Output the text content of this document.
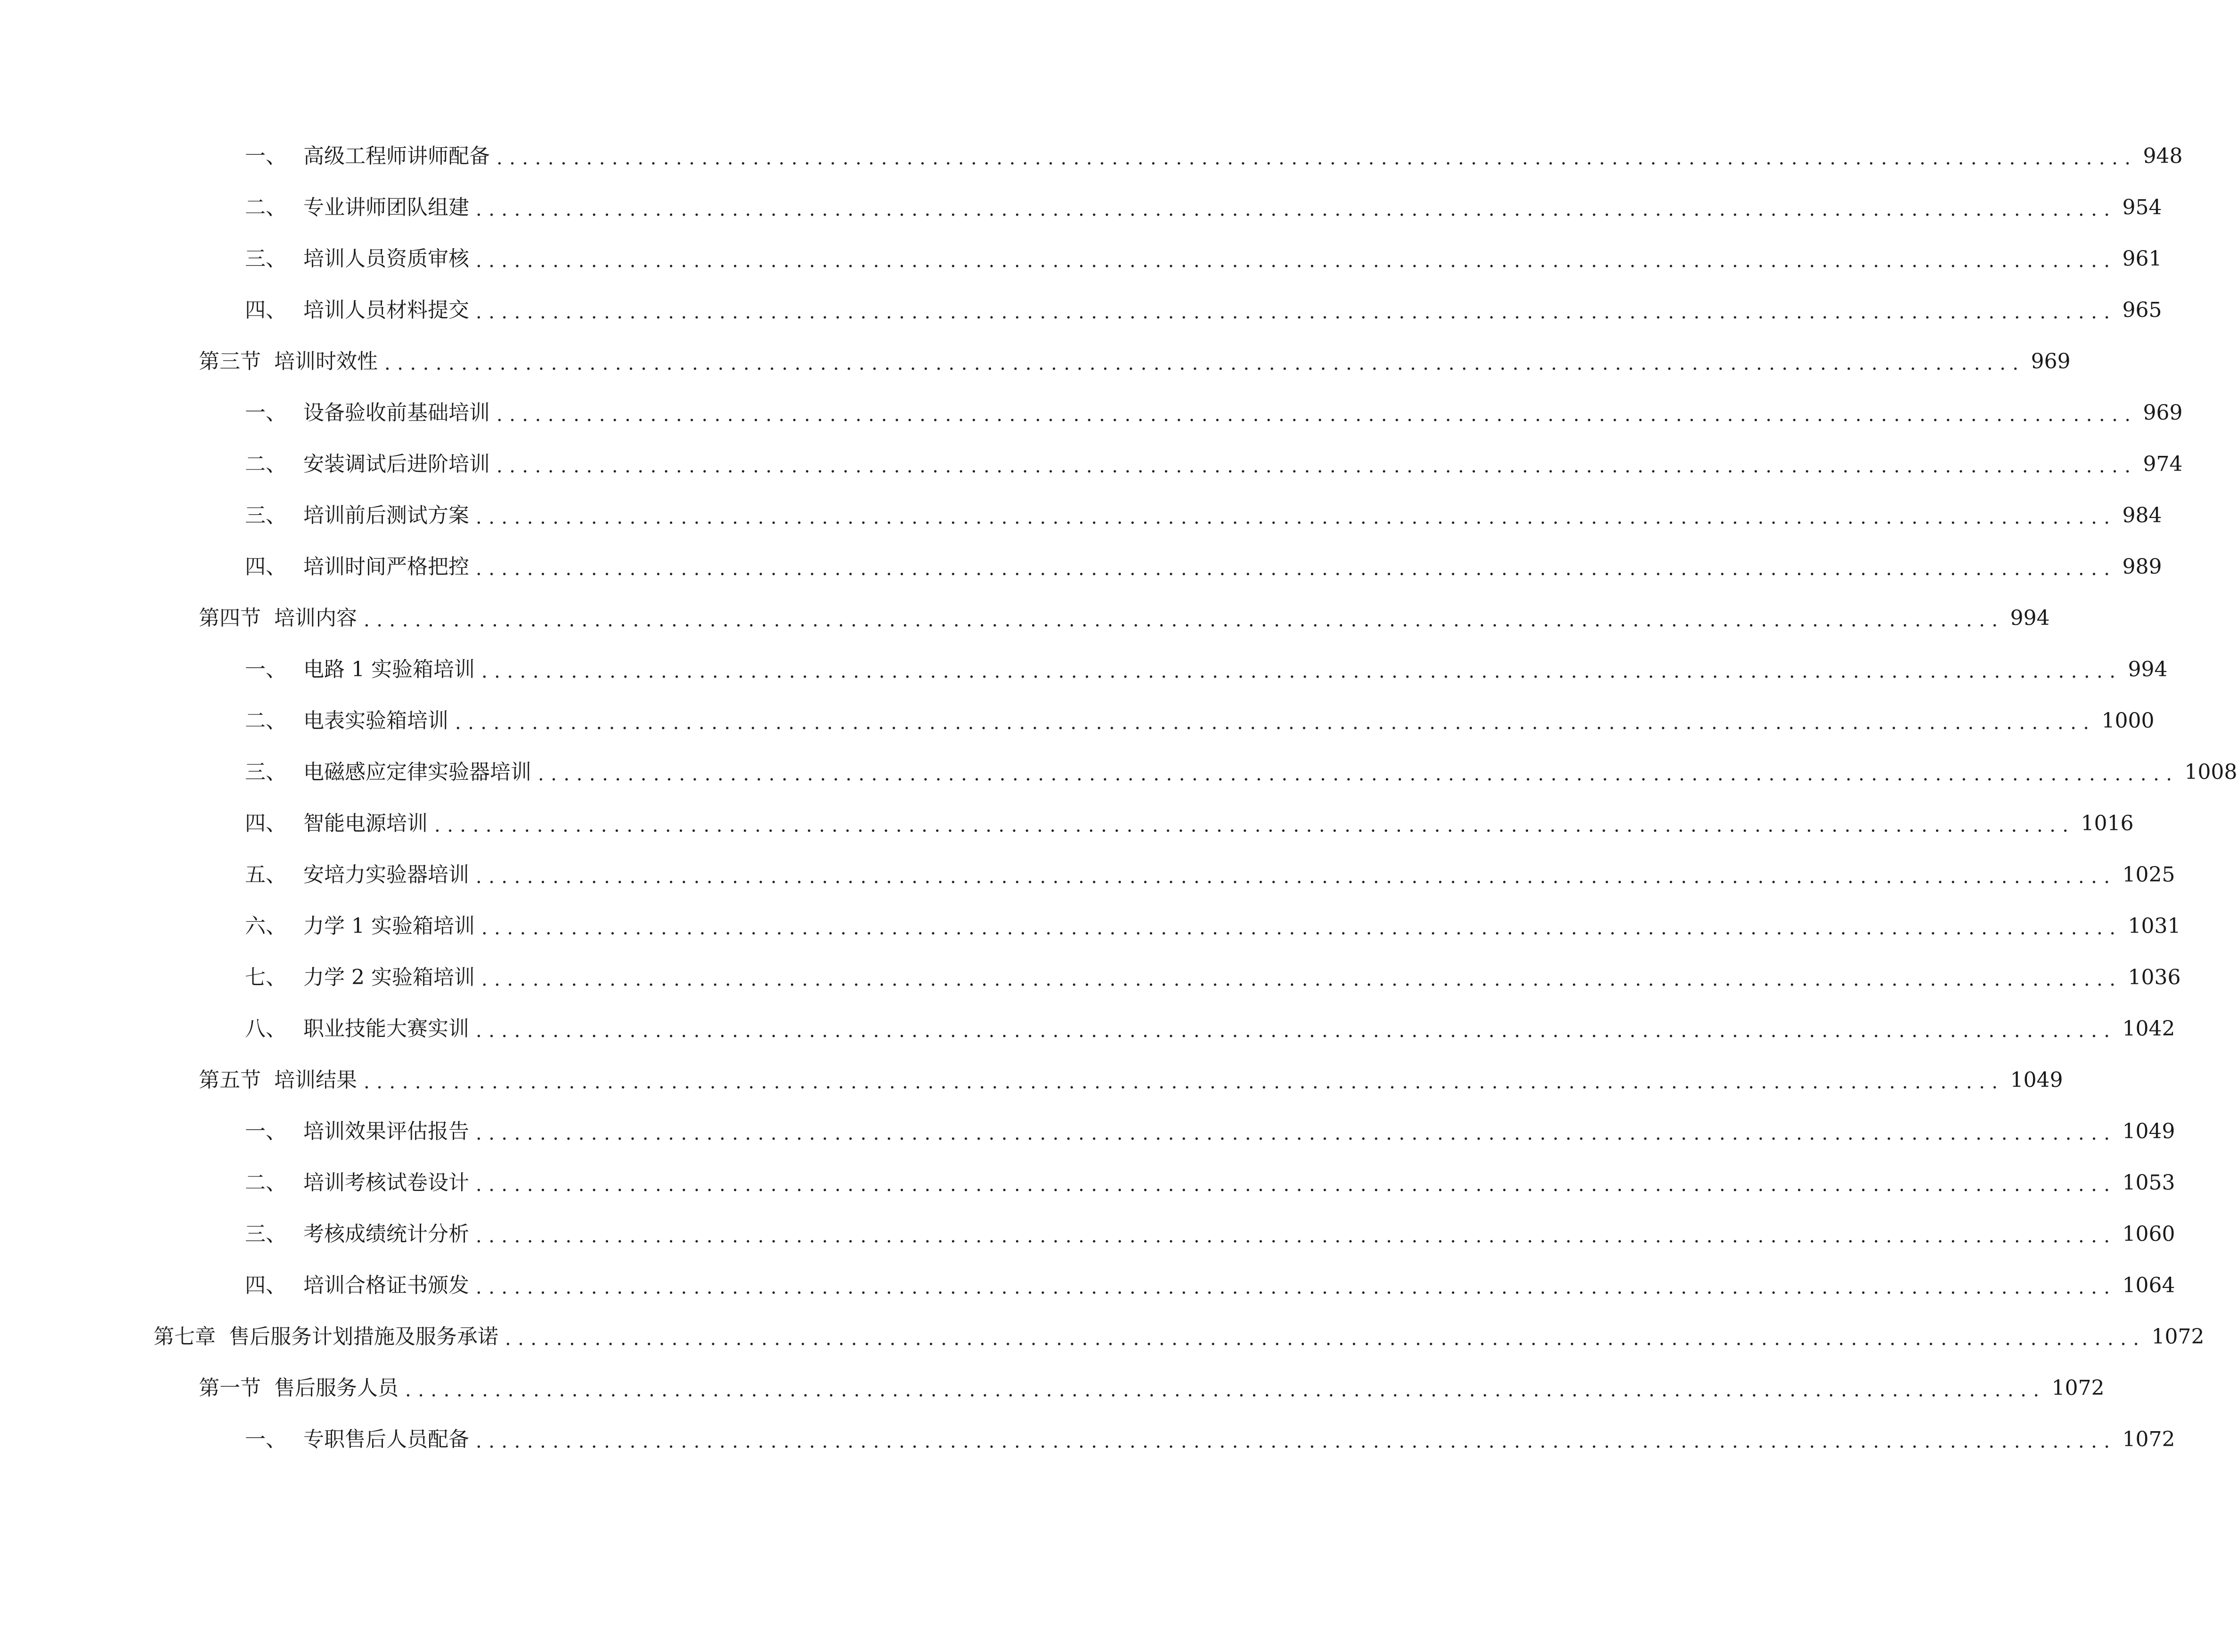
一、 高级工程师讲师配备 ................................................................................................................................ 948
二、 专业讲师团队组建 ................................................................................................................................ 954
三、 培训人员资质审核 ................................................................................................................................ 961
四、 培训人员材料提交 ................................................................................................................................ 965
第三节 培训时效性 ................................................................................................................................ 969
一、 设备验收前基础培训 ................................................................................................................................ 969
二、 安装调试后进阶培训 ................................................................................................................................ 974
三、 培训前后测试方案 ................................................................................................................................ 984
四、 培训时间严格把控 ................................................................................................................................ 989
第四节 培训内容 ................................................................................................................................ 994
一、 电路 1 实验箱培训 ................................................................................................................................ 994
二、 电表实验箱培训 ................................................................................................................................ 1000
三、 电磁感应定律实验器培训 ................................................................................................................................ 1008
四、 智能电源培训 ................................................................................................................................ 1016
五、 安培力实验器培训 ................................................................................................................................ 1025
六、 力学 1 实验箱培训 ................................................................................................................................ 1031
七、 力学 2 实验箱培训 ................................................................................................................................ 1036
八、 职业技能大赛实训 ................................................................................................................................ 1042
第五节 培训结果 ................................................................................................................................ 1049
一、 培训效果评估报告 ................................................................................................................................ 1049
二、 培训考核试卷设计 ................................................................................................................................ 1053
三、 考核成绩统计分析 ................................................................................................................................ 1060
四、 培训合格证书颁发 ................................................................................................................................ 1064
第七章 售后服务计划措施及服务承诺 ................................................................................................................................ 1072
第一节 售后服务人员 ................................................................................................................................ 1072
一、 专职售后人员配备 ................................................................................................................................ 1072
